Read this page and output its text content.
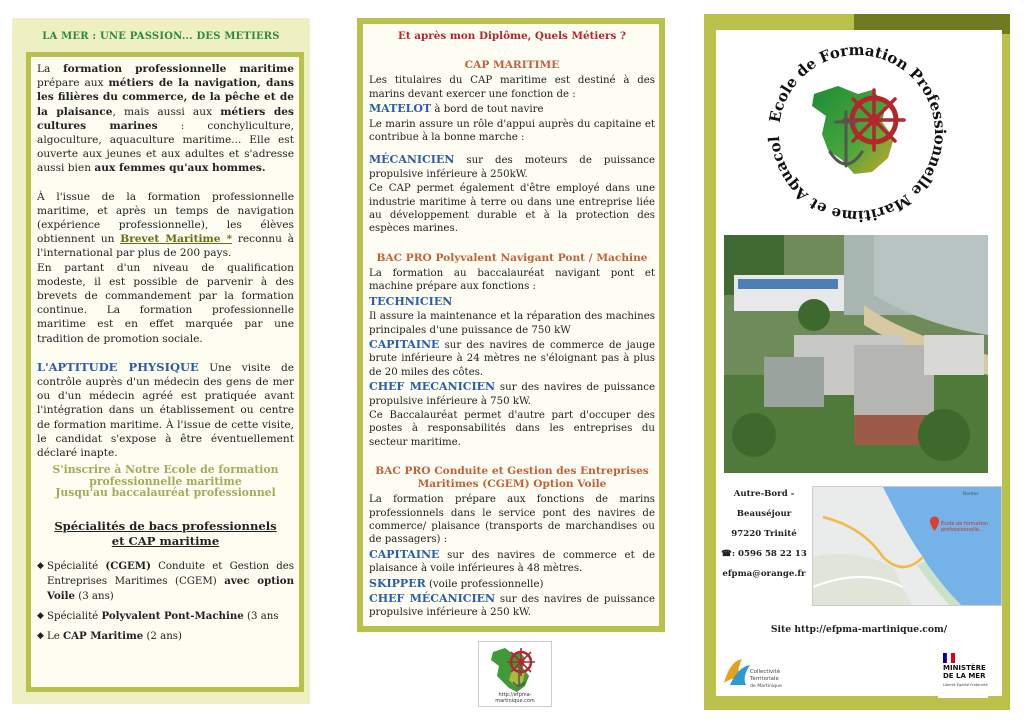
LA MER : UNE PASSION... DES METIERS

La formation professionnelle maritime prépare aux métiers de la navigation, dans les filières du commerce, de la pêche et de la plaisance, mais aussi aux métiers des cultures marines : conchyliculture, algoculture, aquaculture maritime... Elle est ouverte aux jeunes et aux adultes et s'adresse aussi bien aux femmes qu'aux hommes.

À l'issue de la formation professionnelle maritime, et après un temps de navigation (expérience professionnelle), les élèves obtiennent un Brevet Maritime * reconnu à l'international par plus de 200 pays.

En partant d'un niveau de qualification modeste, il est possible de parvenir à des brevets de commandement par la formation continue. La formation professionnelle maritime est en effet marquée par une tradition de promotion sociale.

L'APTITUDE PHYSIQUE Une visite de contrôle auprès d'un médecin des gens de mer ou d'un médecin agréé est pratiquée avant l'intégration dans un établissement ou centre de formation maritime. À l'issue de cette visite, le candidat s'expose à être éventuellement déclaré inapte.

S'inscrire à Notre Ecole de formation professionnelle maritime
Jusqu'au baccalauréat professionnel
Spécialités de bacs professionnels
et CAP maritime
◆ Spécialité (CGEM) Conduite et Gestion des Entreprises Maritimes (CGEM) avec option Voile (3 ans)
◆ Spécialité Polyvalent Pont-Machine (3 ans
◆ Le CAP Maritime (2 ans)
Et après mon Diplôme, Quels Métiers ?
CAP MARITIME

Les titulaires du CAP maritime est destiné à des marins devant exercer une fonction de :

MATELOT à bord de tout navire

Le marin assure un rôle d'appui auprès du capitaine et contribue à la bonne marche :

MÉCANICIEN sur des moteurs de puissance propulsive inférieure à 250kW.

Ce CAP permet également d'être employé dans une industrie maritime à terre ou dans une entreprise liée au développement durable et à la protection des espèces marines.

BAC PRO Polyvalent Navigant Pont / Machine

La formation au baccalauréat navigant pont et machine prépare aux fonctions :

TECHNICIEN

Il assure la maintenance et la réparation des machines principales d'une puissance de 750 kW

CAPITAINE sur des navires de commerce de jauge brute inférieure à 24 mètres ne s'éloignant pas à plus de 20 miles des côtes.

CHEF MECANICIEN sur des navires de puissance propulsive inférieure à 750 kW.

Ce Baccalauréat permet d'autre part d'occuper des postes à responsabilités dans les entreprises du secteur maritime.

BAC PRO Conduite et Gestion des Entreprises Maritimes (CGEM) Option Voile

La formation prépare aux fonctions de marins professionnels dans le service pont des navires de commerce/ plaisance (transports de marchandises ou de passagers) :

CAPITAINE sur des navires de commerce et de plaisance à voile inférieures à 48 mètres.

SKIPPER (voile professionnelle)

CHEF MÉCANICIEN sur des navires de puissance propulsive inférieure à 250 kW.

http://efpma-martinique.com
Ecole de Formation Professionnelle Maritime et Aquacol
Autre-Bord -
Beauséjour
97220 Trinité
☎: 0596 58 22 13
efpma@orange.fr
Ecole de formation
professionnelle...
Bordes
Site http://efpma-martinique.com/
Collectivité
Territoriale
de Martinique
MINISTÈRE
DE LA MER
Liberté Égalité Fraternité
